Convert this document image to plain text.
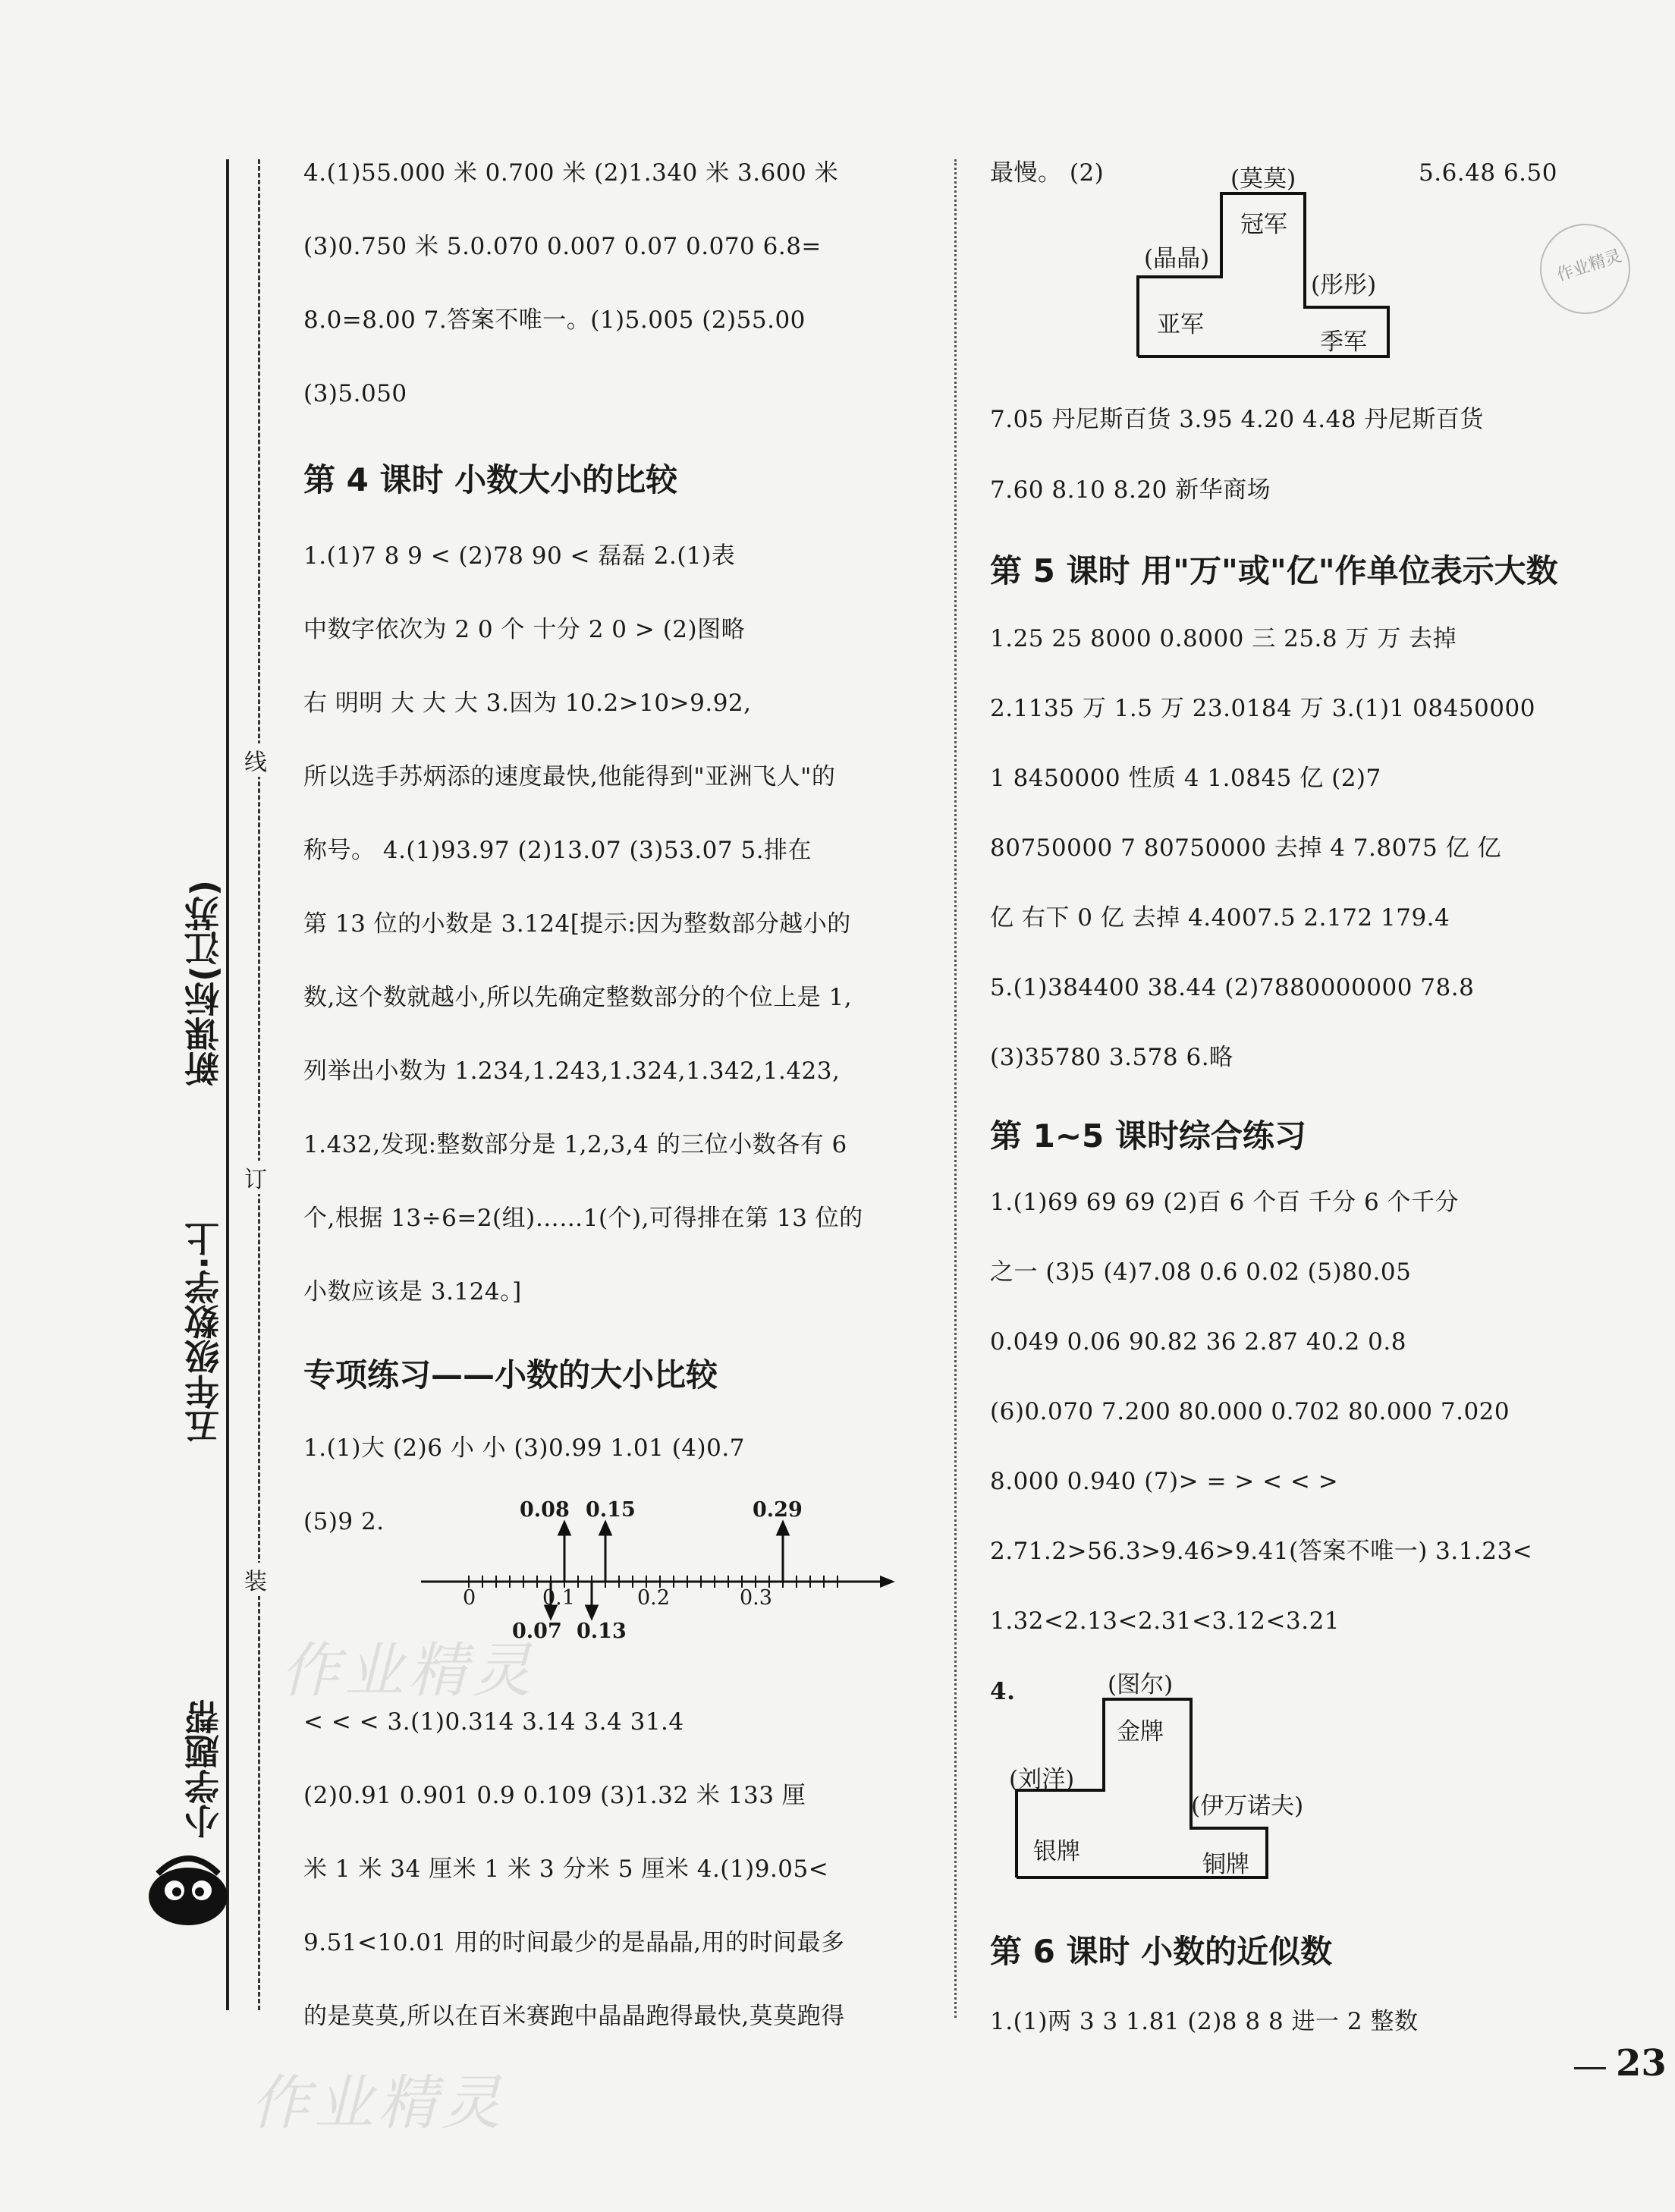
新课标(江苏)
五年级数学·上
小学题帮
线
订
装
4.(1)55.000 米 0.700 米 (2)1.340 米 3.600 米
(3)0.750 米 5.0.070 0.007 0.07 0.070 6.8=
8.0=8.00 7.答案不唯一。(1)5.005 (2)55.00
(3)5.050
第 4 课时 小数大小的比较
1.(1)7 8 9 < (2)78 90 < 磊磊 2.(1)表
中数字依次为 2 0 个 十分 2 0 > (2)图略
右 明明 大 大 大 3.因为 10.2>10>9.92,
所以选手苏炳添的速度最快,他能得到"亚洲飞人"的
称号。 4.(1)93.97 (2)13.07 (3)53.07 5.排在
第 13 位的小数是 3.124[提示:因为整数部分越小的
数,这个数就越小,所以先确定整数部分的个位上是 1,
列举出小数为 1.234,1.243,1.324,1.342,1.423,
1.432,发现:整数部分是 1,2,3,4 的三位小数各有 6
个,根据 13÷6=2(组)……1(个),可得排在第 13 位的
小数应该是 3.124。]
专项练习——小数的大小比较
1.(1)大 (2)6 小 小 (3)0.99 1.01 (4)0.7
(5)9 2.	0.08 0.15	0.29
0	0.1	0.2	0.3
0.07 0.13
< < < 3.(1)0.314 3.14 3.4 31.4
(2)0.91 0.901 0.9 0.109 (3)1.32 米 133 厘
米 1 米 34 厘米 1 米 3 分米 5 厘米 4.(1)9.05<
9.51<10.01 用的时间最少的是晶晶,用的时间最多
的是莫莫,所以在百米赛跑中晶晶跑得最快,莫莫跑得
最慢。 (2)	5.6.48 6.50
(莫莫)
冠军
(晶晶)
亚军
(彤彤)
季军
作业精灵
7.05 丹尼斯百货 3.95 4.20 4.48 丹尼斯百货
7.60 8.10 8.20 新华商场
第 5 课时 用"万"或"亿"作单位表示大数
1.25 25 8000 0.8000 三 25.8 万 万 去掉
2.1135 万 1.5 万 23.0184 万 3.(1)1 08450000
1 8450000 性质 4 1.0845 亿 (2)7
80750000 7 80750000 去掉 4 7.8075 亿 亿
亿 右下 0 亿 去掉 4.4007.5 2.172 179.4
5.(1)384400 38.44 (2)7880000000 78.8
(3)35780 3.578 6.略
第 1~5 课时综合练习
1.(1)69 69 69 (2)百 6 个百 千分 6 个千分
之一 (3)5 (4)7.08 0.6 0.02 (5)80.05
0.049 0.06 90.82 36 2.87 40.2 0.8
(6)0.070 7.200 80.000 0.702 80.000 7.020
8.000 0.940 (7)> = > < < >
2.71.2>56.3>9.46>9.41(答案不唯一) 3.1.23<
1.32<2.13<2.31<3.12<3.21
4.	(图尔)
金牌
(刘洋)
银牌
(伊万诺夫)
铜牌
第 6 课时 小数的近似数
1.(1)两 3 3 1.81 (2)8 8 8 进一 2 整数
23
作业精灵
作业精灵
